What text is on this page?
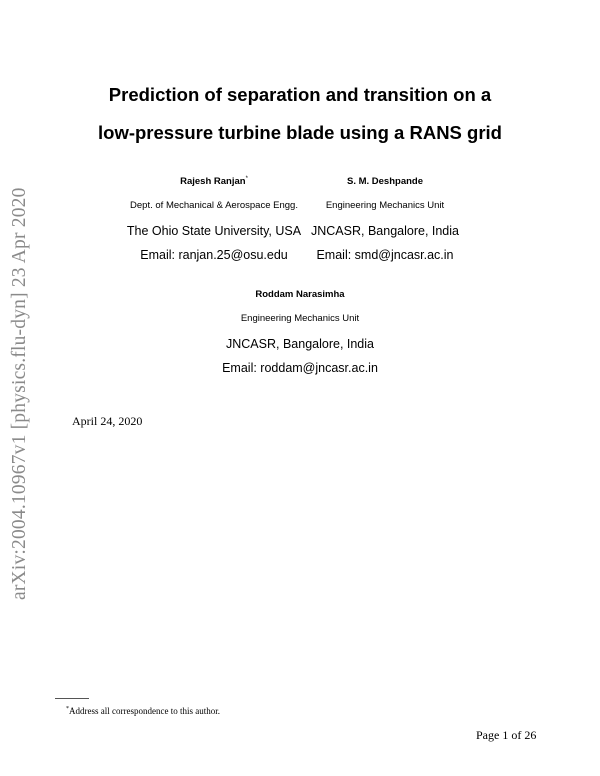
Prediction of separation and transition on a
low-pressure turbine blade using a RANS grid
Rajesh Ranjan*
Dept. of Mechanical & Aerospace Engg.
The Ohio State University, USA
Email: ranjan.25@osu.edu
S. M. Deshpande
Engineering Mechanics Unit
JNCASR, Bangalore, India
Email: smd@jncasr.ac.in
Roddam Narasimha
Engineering Mechanics Unit
JNCASR, Bangalore, India
Email: roddam@jncasr.ac.in
April 24, 2020
arXiv:2004.10967v1 [physics.flu-dyn] 23 Apr 2020
*Address all correspondence to this author.
Page 1 of 26
